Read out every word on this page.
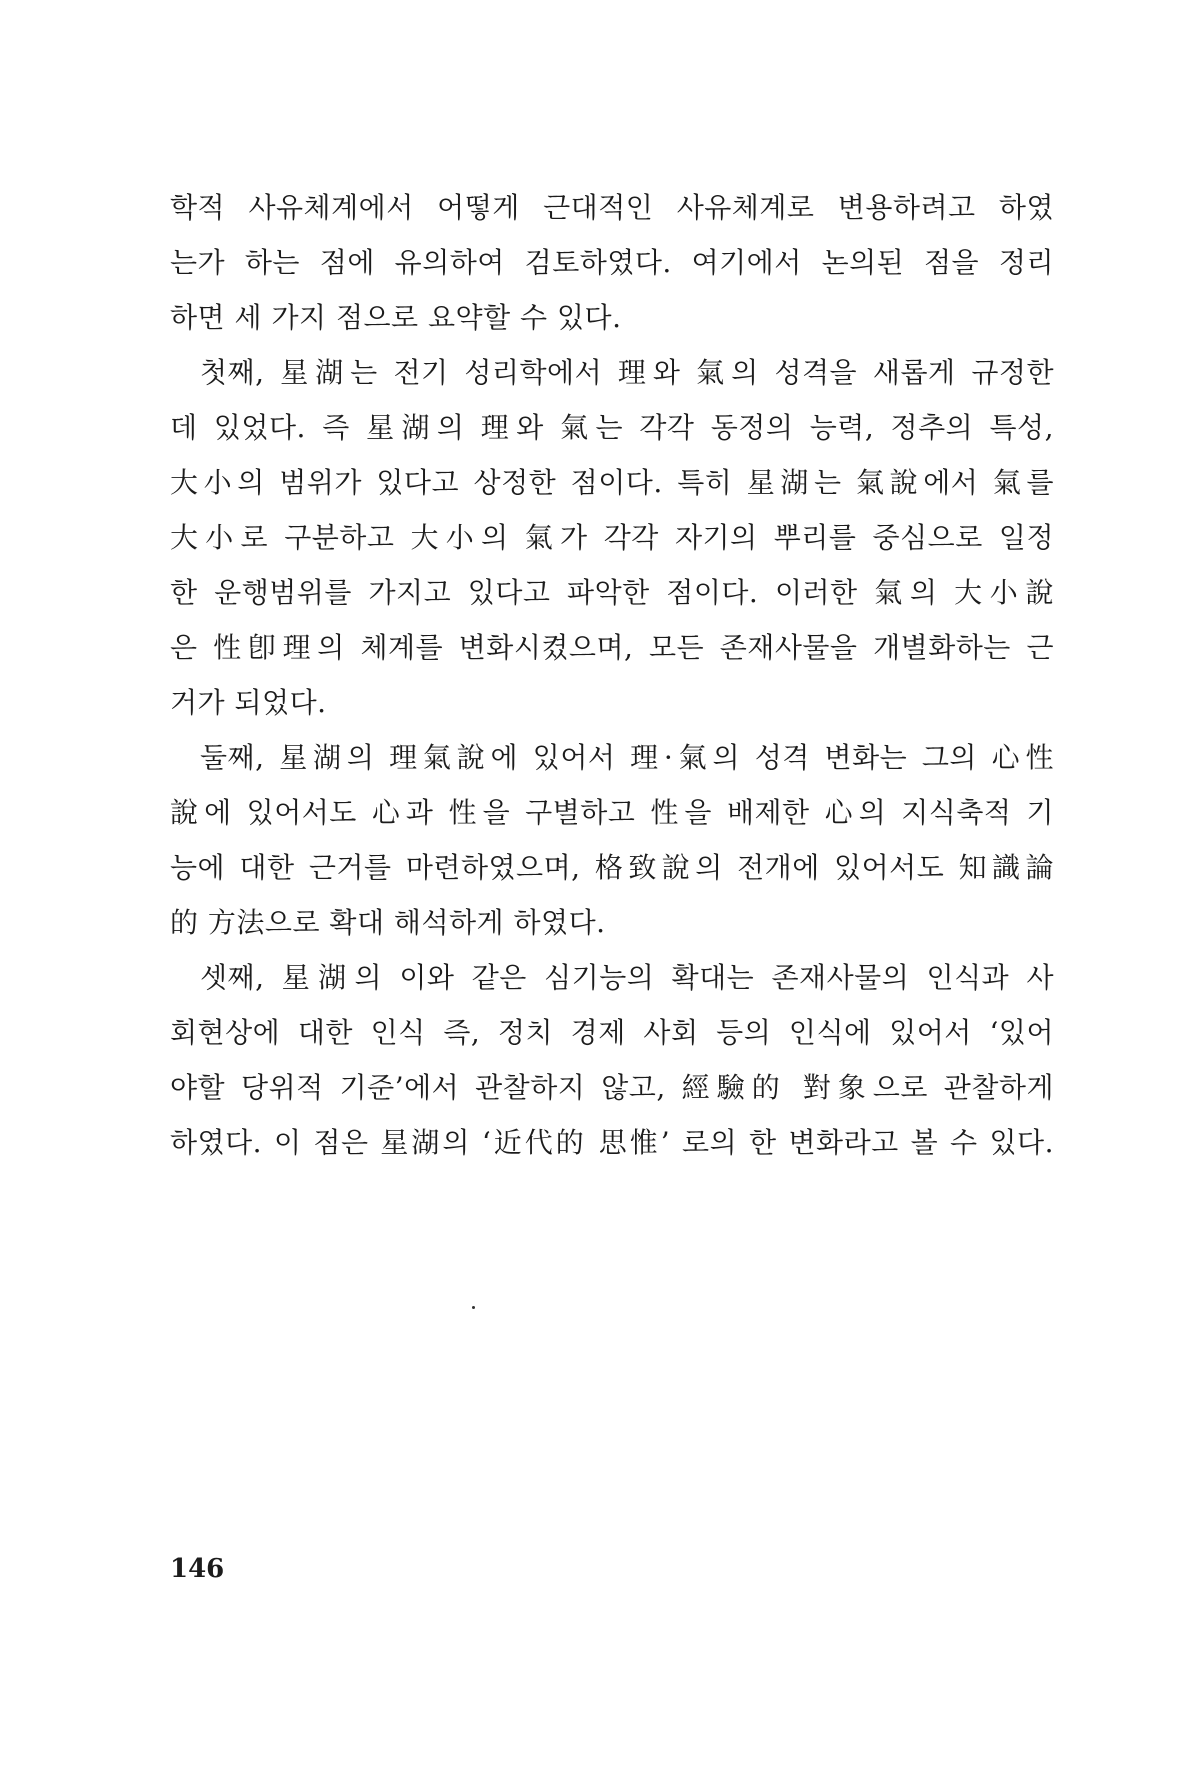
학적 사유체계에서 어떻게 근대적인 사유체계로 변용하려고 하였
는가 하는 점에 유의하여 검토하였다. 여기에서 논의된 점을 정리
하면 세 가지 점으로 요약할 수 있다.
첫째, 星湖는 전기 성리학에서 理와 氣의 성격을 새롭게 규정한
데 있었다. 즉 星湖의 理와 氣는 각각 동정의 능력, 정추의 특성,
大小의 범위가 있다고 상정한 점이다. 특히 星湖는 氣說에서 氣를
大小로 구분하고 大小의 氣가 각각 자기의 뿌리를 중심으로 일정
한 운행범위를 가지고 있다고 파악한 점이다. 이러한 氣의 大小說
은 性卽理의 체계를 변화시켰으며, 모든 존재사물을 개별화하는 근
거가 되었다.
둘째, 星湖의 理氣說에 있어서 理·氣의 성격 변화는 그의 心性
說에 있어서도 心과 性을 구별하고 性을 배제한 心의 지식축적 기
능에 대한 근거를 마련하였으며, 格致說의 전개에 있어서도 知識論
的 方法으로 확대 해석하게 하였다.
셋째, 星湖의 이와 같은 심기능의 확대는 존재사물의 인식과 사
회현상에 대한 인식 즉, 정치 경제 사회 등의 인식에 있어서 ‘있어
야할 당위적 기준’에서 관찰하지 않고, 經驗的 對象으로 관찰하게
하였다. 이 점은 星湖의 ‘近代的 思惟’ 로의 한 변화라고 볼 수 있다.
146
